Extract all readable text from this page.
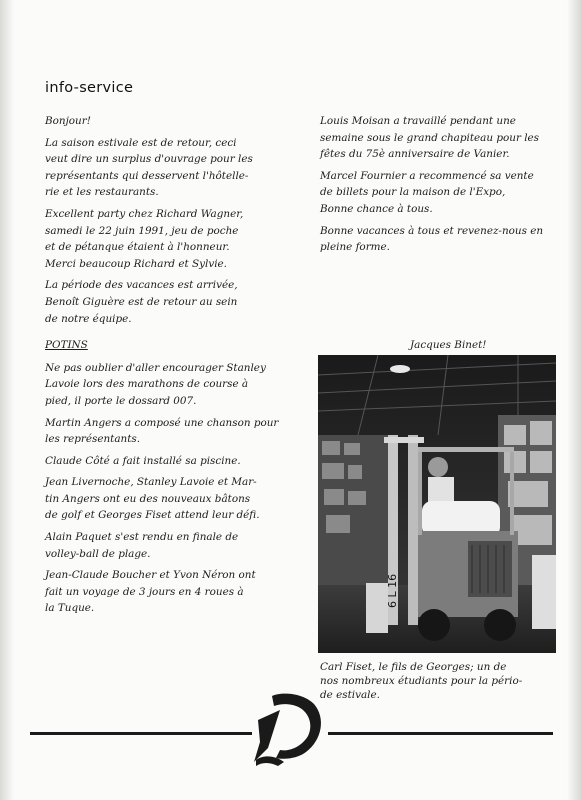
info-service

Bonjour!

La saison estivale est de retour, ceci
veut dire un surplus d'ouvrage pour les
représentants qui desservent l'hôtelle-
rie et les restaurants.

Excellent party chez Richard Wagner,
samedi le 22 juin 1991, jeu de poche
et de pétanque étaient à l'honneur.
Merci beaucoup Richard et Sylvie.

La période des vacances est arrivée,
Benoît Giguère est de retour au sein
de notre équipe.

POTINS

Ne pas oublier d'aller encourager Stanley
Lavoie lors des marathons de course à
pied, il porte le dossard 007.

Martin Angers a composé une chanson pour
les représentants.

Claude Côté a fait installé sa piscine.

Jean Livernoche, Stanley Lavoie et Mar-
tin Angers ont eu des nouveaux bâtons
de golf et Georges Fiset attend leur défi.

Alain Paquet s'est rendu en finale de
volley-ball de plage.

Jean-Claude Boucher et Yvon Néron ont
fait un voyage de 3 jours en 4 roues à
la Tuque.

Louis Moisan a travaillé pendant une
semaine sous le grand chapiteau pour les
fêtes du 75è anniversaire de Vanier.

Marcel Fournier a recommencé sa vente
de billets pour la maison de l'Expo,
Bonne chance à tous.

Bonne vacances à tous et revenez-nous en
pleine forme.

Jacques Binet!
6 L 16
Carl Fiset, le fils de Georges; un de
nos nombreux étudiants pour la pério-
de estivale.
